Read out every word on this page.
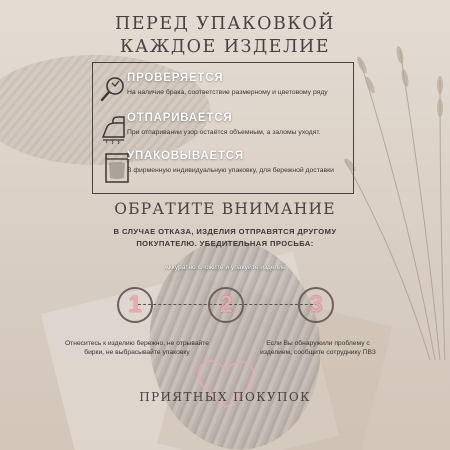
ПЕРЕД УПАКОВКОЙ
КАЖДОЕ ИЗДЕЛИЕ
ПРОВЕРЯЕТСЯ
На наличие брака, соответствие размерному и цветовому ряду
ОТПАРИВАЕТСЯ
При отпаривании узор остаётся объемным, а заломы уходят.
УПАКОВЫВАЕТСЯ
В фирменную индивидуальную упаковку, для бережной доставки
ОБРАТИТЕ ВНИМАНИЕ
В СЛУЧАЕ ОТКАЗА, ИЗДЕЛИЯ ОТПРАВЯТСЯ ДРУГОМУ
ПОКУПАТЕЛЮ. УБЕДИТЕЛЬНАЯ ПРОСЬБА:
1	2	3
Отнеситесь к изделию бережно, не отрывайте бирки, не выбрасывайте упаковку
Аккуратно сложите и упакуйте изделие
Если Вы обнаружили проблему с изделием, сообщите сотруднику ПВЗ
ПРИЯТНЫХ ПОКУПОК
